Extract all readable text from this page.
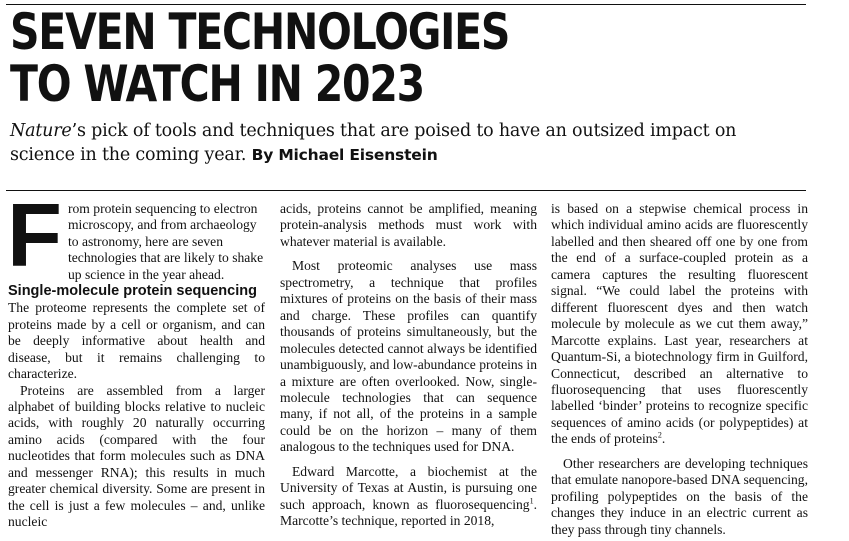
SEVEN TECHNOLOGIES
TO WATCH IN 2023

Nature’s pick of tools and techniques that are poised to have an outsized impact on science in the coming year. By Michael Eisenstein

From protein sequencing to electron microscopy, and from archaeology to astronomy, here are seven technologies that are likely to shake up science in the year ahead.

Single-molecule protein sequencing

The proteome represents the complete set of proteins made by a cell or organism, and can be deeply informative about health and disease, but it remains challenging to characterize.

Proteins are assembled from a larger alphabet of building blocks relative to nucleic acids, with roughly 20 naturally occurring amino acids (compared with the four nucleotides that form molecules such as DNA and messenger RNA); this results in much greater chemical diversity. Some are present in the cell is just a few molecules – and, unlike nucleic

acids, proteins cannot be amplified, meaning protein-analysis methods must work with whatever material is available.

Most proteomic analyses use mass spectrometry, a technique that profiles mixtures of proteins on the basis of their mass and charge. These profiles can quantify thousands of proteins simultaneously, but the molecules detected cannot always be identified unambiguously, and low-abundance proteins in a mixture are often overlooked. Now, single-molecule technologies that can sequence many, if not all, of the proteins in a sample could be on the horizon – many of them analogous to the techniques used for DNA.

Edward Marcotte, a biochemist at the University of Texas at Austin, is pursuing one such approach, known as fluorosequencing$^1$. Marcotte’s technique, reported in 2018,

is based on a stepwise chemical process in which individual amino acids are fluorescently labelled and then sheared off one by one from the end of a surface-coupled protein as a camera captures the resulting fluorescent signal. “We could label the proteins with different fluorescent dyes and then watch molecule by molecule as we cut them away,” Marcotte explains. Last year, researchers at Quantum-Si, a biotechnology firm in Guilford, Connecticut, described an alternative to fluorosequencing that uses fluorescently labelled ‘binder’ proteins to recognize specific sequences of amino acids (or polypeptides) at the ends of proteins$^2$.

Other researchers are developing techniques that emulate nanopore-based DNA sequencing, profiling polypeptides on the basis of the changes they induce in an electric current as they pass through tiny channels.
